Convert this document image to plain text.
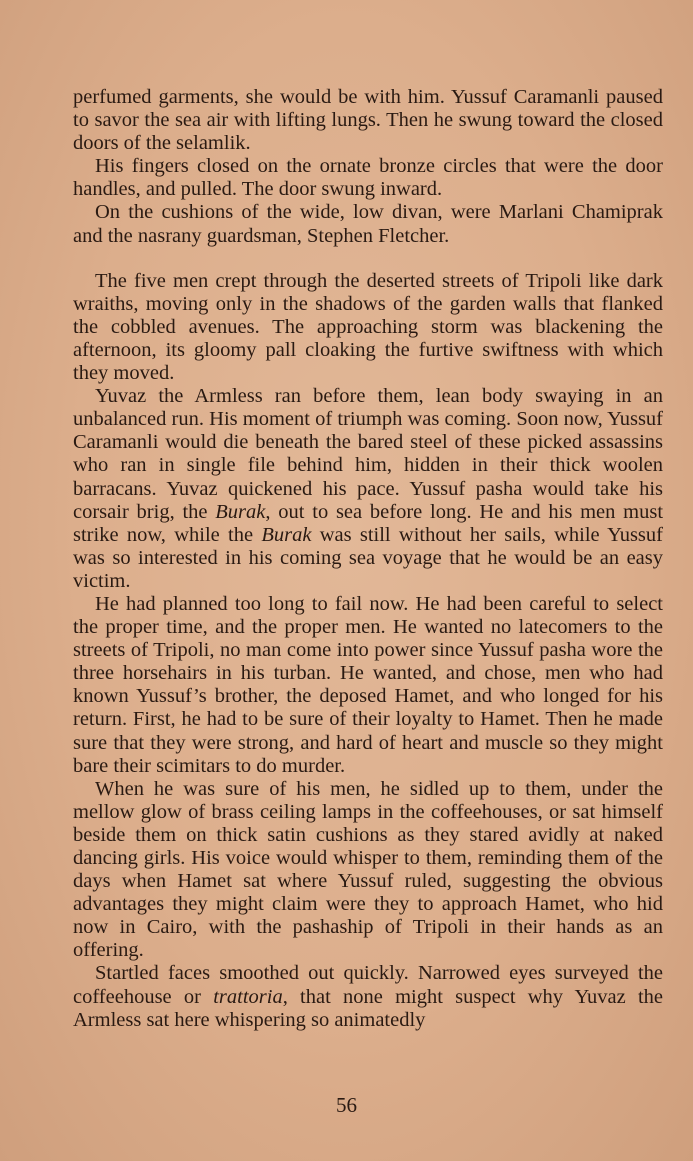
perfumed garments, she would be with him. Yussuf Caramanli paused to savor the sea air with lifting lungs. Then he swung toward the closed doors of the selamlik.

His fingers closed on the ornate bronze circles that were the door handles, and pulled. The door swung inward.

On the cushions of the wide, low divan, were Marlani Chamiprak and the nasrany guardsman, Stephen Fletcher.

The five men crept through the deserted streets of Tripoli like dark wraiths, moving only in the shadows of the garden walls that flanked the cobbled avenues. The approaching storm was blackening the afternoon, its gloomy pall cloaking the furtive swiftness with which they moved.

Yuvaz the Armless ran before them, lean body swaying in an unbalanced run. His moment of triumph was coming. Soon now, Yussuf Caramanli would die beneath the bared steel of these picked assassins who ran in single file behind him, hidden in their thick woolen barracans. Yuvaz quickened his pace. Yussuf pasha would take his corsair brig, the Burak, out to sea before long. He and his men must strike now, while the Burak was still without her sails, while Yussuf was so interested in his coming sea voyage that he would be an easy victim.

He had planned too long to fail now. He had been careful to select the proper time, and the proper men. He wanted no latecomers to the streets of Tripoli, no man come into power since Yussuf pasha wore the three horsehairs in his turban. He wanted, and chose, men who had known Yussuf’s brother, the deposed Hamet, and who longed for his return. First, he had to be sure of their loyalty to Hamet. Then he made sure that they were strong, and hard of heart and muscle so they might bare their scimitars to do murder.

When he was sure of his men, he sidled up to them, under the mellow glow of brass ceiling lamps in the coffeehouses, or sat himself beside them on thick satin cushions as they stared avidly at naked dancing girls. His voice would whisper to them, reminding them of the days when Hamet sat where Yussuf ruled, suggesting the obvious advantages they might claim were they to approach Hamet, who hid now in Cairo, with the pashaship of Tripoli in their hands as an offering.

Startled faces smoothed out quickly. Narrowed eyes surveyed the coffeehouse or trattoria, that none might suspect why Yuvaz the Armless sat here whispering so animatedly

56
